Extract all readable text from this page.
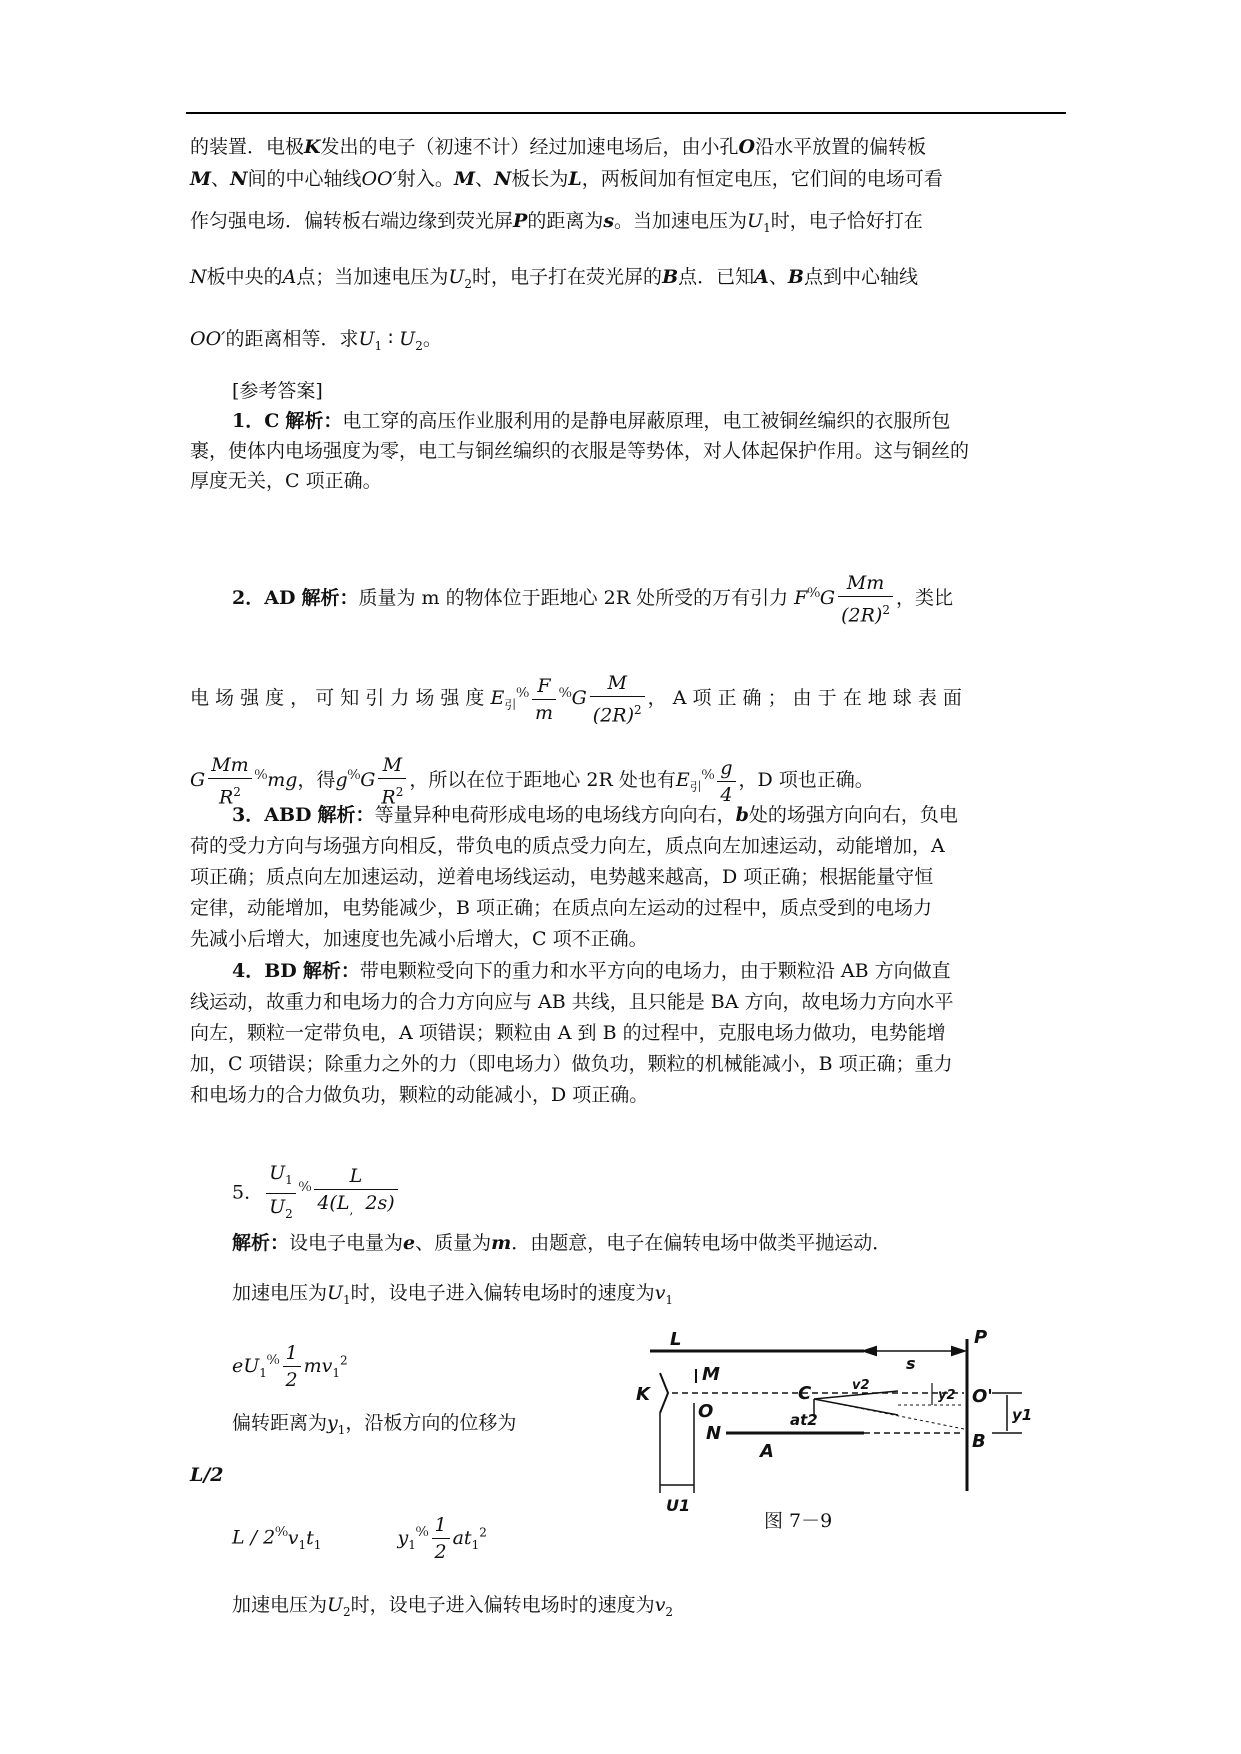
的装置．电极K发出的电子（初速不计）经过加速电场后，由小孔O沿水平放置的偏转板
M、N间的中心轴线OO′射入。M、N板长为L，两板间加有恒定电压，它们间的电场可看
作匀强电场．偏转板右端边缘到荧光屏P的距离为s。当加速电压为$U_1$时，电子恰好打在
N板中央的A点；当加速电压为$U_2$时，电子打在荧光屏的B点．已知A、B点到中心轴线
OO′的距离相等．求$U_1$ ∶ $U_2$。
[参考答案]
1．C 解析：电工穿的高压作业服利用的是静电屏蔽原理，电工被铜丝编织的衣服所包
裹，使体内电场强度为零，电工与铜丝编织的衣服是等势体，对人体起保护作用。这与铜丝的
厚度无关，C 项正确。
2．AD 解析：质量为 m 的物体位于距地心 2R 处所受的万有引力 $F^{^0⁄_0}G \frac{Mm}{(2R)^2}$ ，类比
电 场 强 度 ， 可 知 引 力 场 强 度 $E_引^{^0⁄_0} \frac{F}{m} ^{^0⁄_0}G \frac{M}{(2R)^2}$ ， A 项 正 确 ； 由 于 在 地 球 表 面
G $\frac{Mm}{R^2} ^{^0⁄_0}mg$，得$g^{^0⁄_0}G \frac{M}{R^2}$ ，所以在位于距地心 2R 处也有$E_引^{^0⁄_0} \frac{g}{4}$ ，D 项也正确。
3．ABD 解析：等量异种电荷形成电场的电场线方向向右，b处的场强方向向右，负电
荷的受力方向与场强方向相反，带负电的质点受力向左，质点向左加速运动，动能增加，A
项正确；质点向左加速运动，逆着电场线运动，电势越来越高，D 项正确；根据能量守恒
定律，动能增加，电势能减少，B 项正确；在质点向左运动的过程中，质点受到的电场力
先减小后增大，加速度也先减小后增大，C 项不正确。
4．BD 解析：带电颗粒受向下的重力和水平方向的电场力，由于颗粒沿 AB 方向做直
线运动，故重力和电场力的合力方向应与 AB 共线，且只能是 BA 方向，故电场力方向水平
向左，颗粒一定带负电，A 项错误；颗粒由 A 到 B 的过程中，克服电场力做功，电势能增
加，C 项错误；除重力之外的力（即电场力）做负功，颗粒的机械能减小，B 项正确；重力
和电场力的合力做负功，颗粒的动能减小，D 项正确。
5． $\frac{U_1}{U_2} ^{^0⁄_0} \frac{L}{4(L_, 2s)}$
解析：设电子电量为e、质量为m．由题意，电子在偏转电场中做类平抛运动．
加速电压为$U_1$时，设电子进入偏转电场时的速度为$v_1$
$eU_1^{^0⁄_0} \frac{1}{2} mv_1^2$
偏转距离为$y_1$，沿板方向的位移为
L/2
L / $2^{^0⁄_0}v_1t_1$	$y_1^{^0⁄_0} \frac{1}{2} at_1^2$
加速电压为$U_2$时，设电子进入偏转电场时的速度为$v_2$
L
s
P
M
K
O
C	v2
y2 O'
y1
at2
N
A	B
U1
图 7－9
